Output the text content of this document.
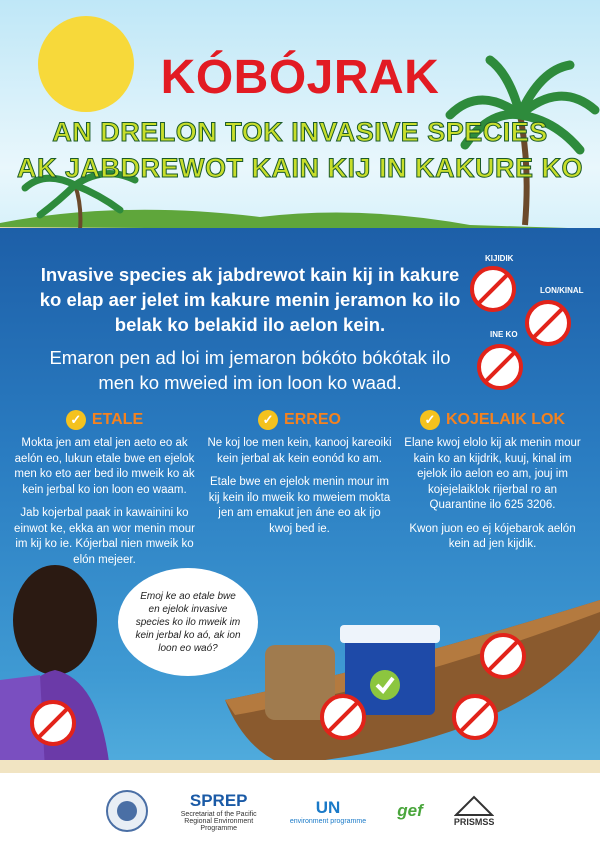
KÓBÓJRAK
AN DRELON TOK INVASIVE SPECIES
AK JABDREWOT KAIN KIJ IN KAKURE KO
Invasive species ak jabdrewot kain kij in kakure ko elap aer jelet im kakure menin jeramon ko ilo belak ko belakid ilo aelon kein.
Emaron pen ad loi im jemaron bókóto bókótak ilo men ko mweied im ion loon ko waad.
KIJIDIK
LON/KINAL
INE KO
✓ ETALE

Mokta jen am etal jen aeto eo ak aelón eo, lukun etale bwe en ejelok men ko eto aer bed ilo mweik ko ak kein jerbal ko ion loon eo waam.

Jab kojerbal paak in kawainini ko einwot ke, ekka an wor menin mour im kij ko ie. Kójerbal nien mweik ko elón mejeer.

✓ ERREO

Ne koj loe men kein, kanooj kareoiki kein jerbal ak kein eonód ko am.

Etale bwe en ejelok menin mour im kij kein ilo mweik ko mweiem mokta jen am emakut jen áne eo ak ijo kwoj bed ie.

✓ KOJELAIK LOK

Elane kwoj elolo kij ak menin mour kain ko an kijdrik, kuuj, kinal im ejelok ilo aelon eo am, jouj im kojejelaiklok rijerbal ro an Quarantine ilo 625 3206.

Kwon juon eo ej kójebarok aelón kein ad jen kijdik.

Emoj ke ao etale bwe en ejelok invasive species ko ilo mweik im kein jerbal ko aó, ak ion loon eo waó?
SPREP
Secretariat of the Pacific Regional Environment Programme
UN
environment programme
gef
PRISMSS
